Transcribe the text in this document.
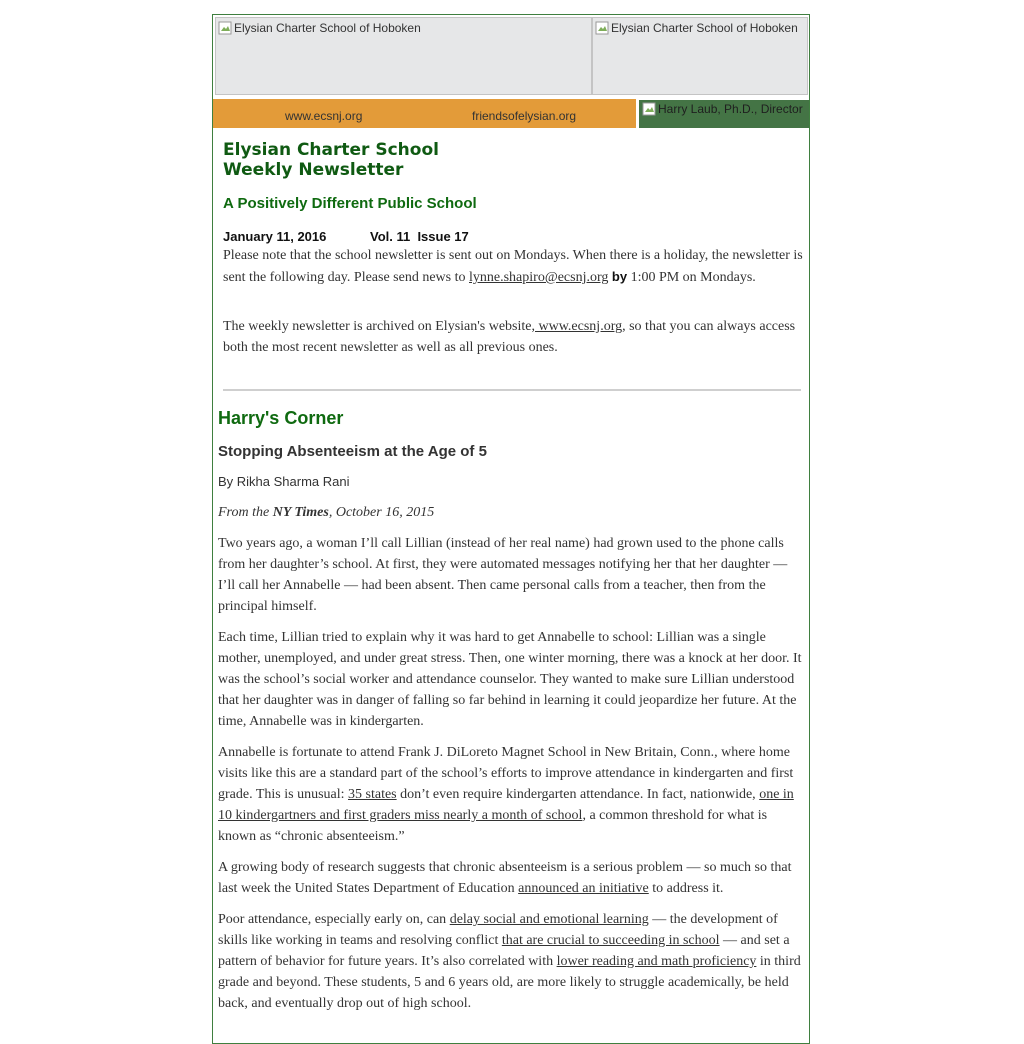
Elysian Charter School of Hoboken	Elysian Charter School of Hoboken
www.ecsnj.org	friendsofelysian.org	Harry Laub, Ph.D., Director
Elysian Charter School
Weekly Newsletter
A Positively Different Public School
January 11, 2016	Vol. 11  Issue 17
Please note that the school newsletter is sent out on Mondays. When there is a holiday, the newsletter is sent the following day. Please send news to lynne.shapiro@ecsnj.org by 1:00 PM on Mondays.
The weekly newsletter is archived on Elysian's website, www.ecsnj.org, so that you can always access both the most recent newsletter as well as all previous ones.
Harry's Corner
Stopping Absenteeism at the Age of 5
By Rikha Sharma Rani
From the NY Times, October 16, 2015

Two years ago, a woman I’ll call Lillian (instead of her real name) had grown used to the phone calls from her daughter’s school. At first, they were automated messages notifying her that her daughter — I’ll call her Annabelle — had been absent. Then came personal calls from a teacher, then from the principal himself.

Each time, Lillian tried to explain why it was hard to get Annabelle to school: Lillian was a single mother, unemployed, and under great stress. Then, one winter morning, there was a knock at her door. It was the school’s social worker and attendance counselor. They wanted to make sure Lillian understood that her daughter was in danger of falling so far behind in learning it could jeopardize her future. At the time, Annabelle was in kindergarten.

Annabelle is fortunate to attend Frank J. DiLoreto Magnet School in New Britain, Conn., where home visits like this are a standard part of the school’s efforts to improve attendance in kindergarten and first grade. This is unusual: 35 states don’t even require kindergarten attendance. In fact, nationwide, one in 10 kindergartners and first graders miss nearly a month of school, a common threshold for what is known as “chronic absenteeism.”

A growing body of research suggests that chronic absenteeism is a serious problem — so much so that last week the United States Department of Education announced an initiative to address it.

Poor attendance, especially early on, can delay social and emotional learning — the development of skills like working in teams and resolving conflict that are crucial to succeeding in school — and set a pattern of behavior for future years. It’s also correlated with lower reading and math proficiency in third grade and beyond. These students, 5 and 6 years old, are more likely to struggle academically, be held back, and eventually drop out of high school.
